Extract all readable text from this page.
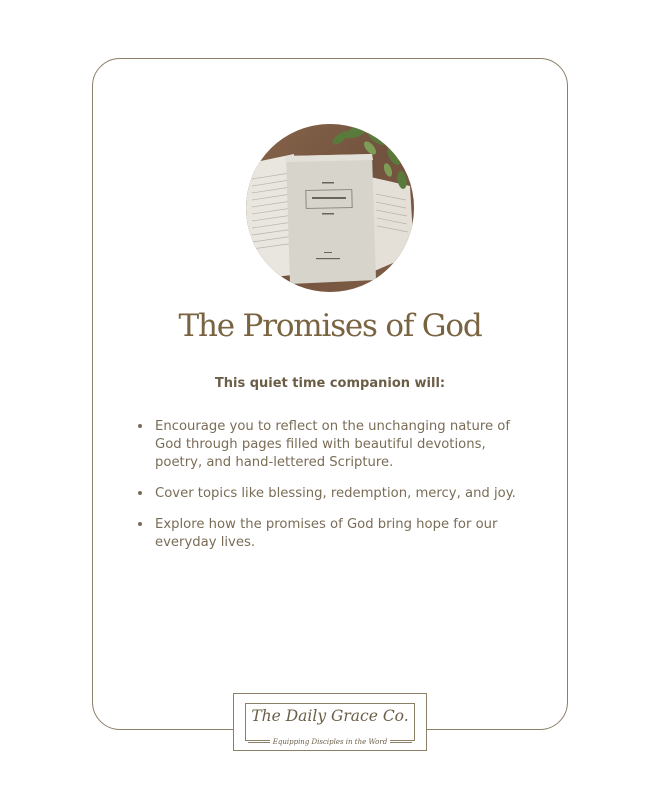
The Promises of God

This quiet time companion will:

Encourage you to reflect on the unchanging nature of God through pages filled with beautiful devotions, poetry, and hand-lettered Scripture.
Cover topics like blessing, redemption, mercy, and joy.
Explore how the promises of God bring hope for our everyday lives.
The Daily Grace Co.
Equipping Disciples in the Word
